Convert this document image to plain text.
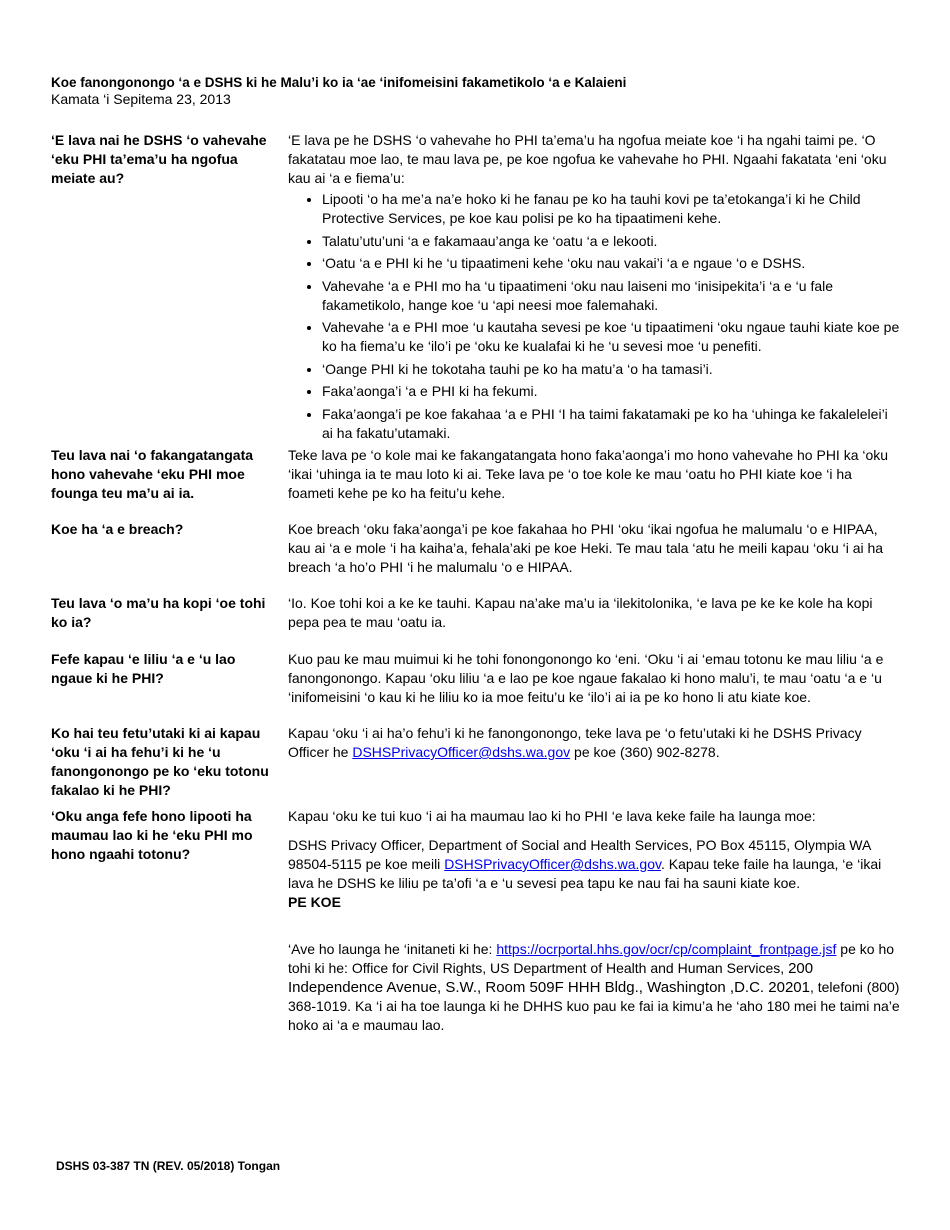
Koe fanongonongo ‘a e DSHS ki he Malu’i ko ia ‘ae ‘inifomeisini fakametikolo ‘a e Kalaieni
Kamata ‘i Sepitema 23, 2013
‘E lava nai he DSHS ‘o vahevahe ‘eku PHI ta’ema’u ha ngofua meiate au?

‘E lava pe he DSHS ‘o vahevahe ho PHI ta’ema’u ha ngofua meiate koe ‘i ha ngahi taimi pe. ‘O fakatatau moe lao, te mau lava pe, pe koe ngofua ke vahevahe ho PHI. Ngaahi fakatata ‘eni ‘oku kau ai ‘a e fiema’u:

• Lipooti ‘o ha me’a na’e hoko ki he fanau pe ko ha tauhi kovi pe ta’etokanga’i ki he Child Protective Services, pe koe kau polisi pe ko ha tipaatimeni kehe.
• Talatu’utu’uni ‘a e fakamaau’anga ke ‘oatu ‘a e lekooti.
• ‘Oatu ‘a e PHI ki he ‘u tipaatimeni kehe ‘oku nau vakai’i ‘a e ngaue ‘o e DSHS.
• Vahevahe ‘a e PHI mo ha ‘u tipaatimeni ‘oku nau laiseni mo ‘inisipekita’i ‘a e ‘u fale fakametikolo, hange koe ‘u ‘api neesi moe falemahaki.
• Vahevahe ‘a e PHI moe ‘u kautaha sevesi pe koe ‘u tipaatimeni ‘oku ngaue tauhi kiate koe pe ko ha fiema’u ke ‘ilo’i pe ‘oku ke kualafai ki he ‘u sevesi moe ‘u penefiti.
• ‘Oange PHI ki he tokotaha tauhi pe ko ha matu’a ‘o ha tamasi’i.
• Faka’aonga’i ‘a e PHI ki ha fekumi.
• Faka’aonga’i pe koe fakahaa ‘a e PHI ‘I ha taimi fakatamaki pe ko ha ‘uhinga ke fakalelelei’i ai ha fakatu’utamaki.
Teu lava nai ‘o fakangatangata hono vahevahe ‘eku PHI moe founga teu ma’u ai ia.
Teke lava pe ‘o kole mai ke fakangatangata hono faka’aonga’i mo hono vahevahe ho PHI ka ‘oku ‘ikai ‘uhinga ia te mau loto ki ai. Teke lava pe ‘o toe kole ke mau ‘oatu ho PHI kiate koe ‘i ha foameti kehe pe ko ha feitu’u kehe.
Koe ha ‘a e breach?	Koe breach ‘oku faka’aonga’i pe koe fakahaa ho PHI ‘oku ‘ikai ngofua he malumalu ‘o e HIPAA, kau ai ‘a e mole ‘i ha kaiha’a, fehala’aki pe koe Heki. Te mau tala ‘atu he meili kapau ‘oku ‘i ai ha breach ‘a ho’o PHI ‘i he malumalu ‘o e HIPAA.
Teu lava ‘o ma’u ha kopi ‘oe tohi ko ia?
‘Io. Koe tohi koi a ke ke tauhi. Kapau na’ake ma’u ia ‘ilekitolonika, ‘e lava pe ke ke kole ha kopi pepa pea te mau ‘oatu ia.
Fefe kapau ‘e liliu ‘a e ‘u lao ngaue ki he PHI?
Kuo pau ke mau muimui ki he tohi fonongonongo ko ‘eni. ‘Oku ‘i ai ‘emau totonu ke mau liliu ‘a e fanongonongo. Kapau ‘oku liliu ‘a e lao pe koe ngaue fakalao ki hono malu’i, te mau ‘oatu ‘a e ‘u ‘inifomeisini ‘o kau ki he liliu ko ia moe feitu’u ke ‘ilo’i ai ia pe ko hono li atu kiate koe.
Ko hai teu fetu’utaki ki ai kapau ‘oku ‘i ai ha fehu’i ki he ‘u fanongonongo pe ko ‘eku totonu fakalao ki he PHI?
Kapau ‘oku ‘i ai ha’o fehu’i ki he fanongonongo, teke lava pe ‘o fetu’utaki ki he DSHS Privacy Officer he DSHSPrivacyOfficer@dshs.wa.gov pe koe (360) 902-8278.
‘Oku anga fefe hono lipooti ha maumau lao ki he ‘eku PHI mo hono ngaahi totonu?

Kapau ‘oku ke tui kuo ‘i ai ha maumau lao ki ho PHI ‘e lava keke faile ha launga moe:

DSHS Privacy Officer, Department of Social and Health Services, PO Box 45115, Olympia WA 98504-5115 pe koe meili DSHSPrivacyOfficer@dshs.wa.gov. Kapau teke faile ha launga, ‘e ‘ikai lava he DSHS ke liliu pe ta’ofi ‘a e ‘u sevesi pea tapu ke nau fai ha sauni kiate koe.

PE KOE

‘Ave ho launga he ‘initaneti ki he: https://ocrportal.hhs.gov/ocr/cp/complaint_frontpage.jsf pe ko ho tohi ki he: Office for Civil Rights, US Department of Health and Human Services, 200 Independence Avenue, S.W., Room 509F HHH Bldg., Washington ,D.C. 20201, telefoni (800) 368-1019. Ka ‘i ai ha toe launga ki he DHHS kuo pau ke fai ia kimu’a he ‘aho 180 mei he taimi na’e hoko ai ‘a e maumau lao.

DSHS 03-387 TN (REV. 05/2018) Tongan
